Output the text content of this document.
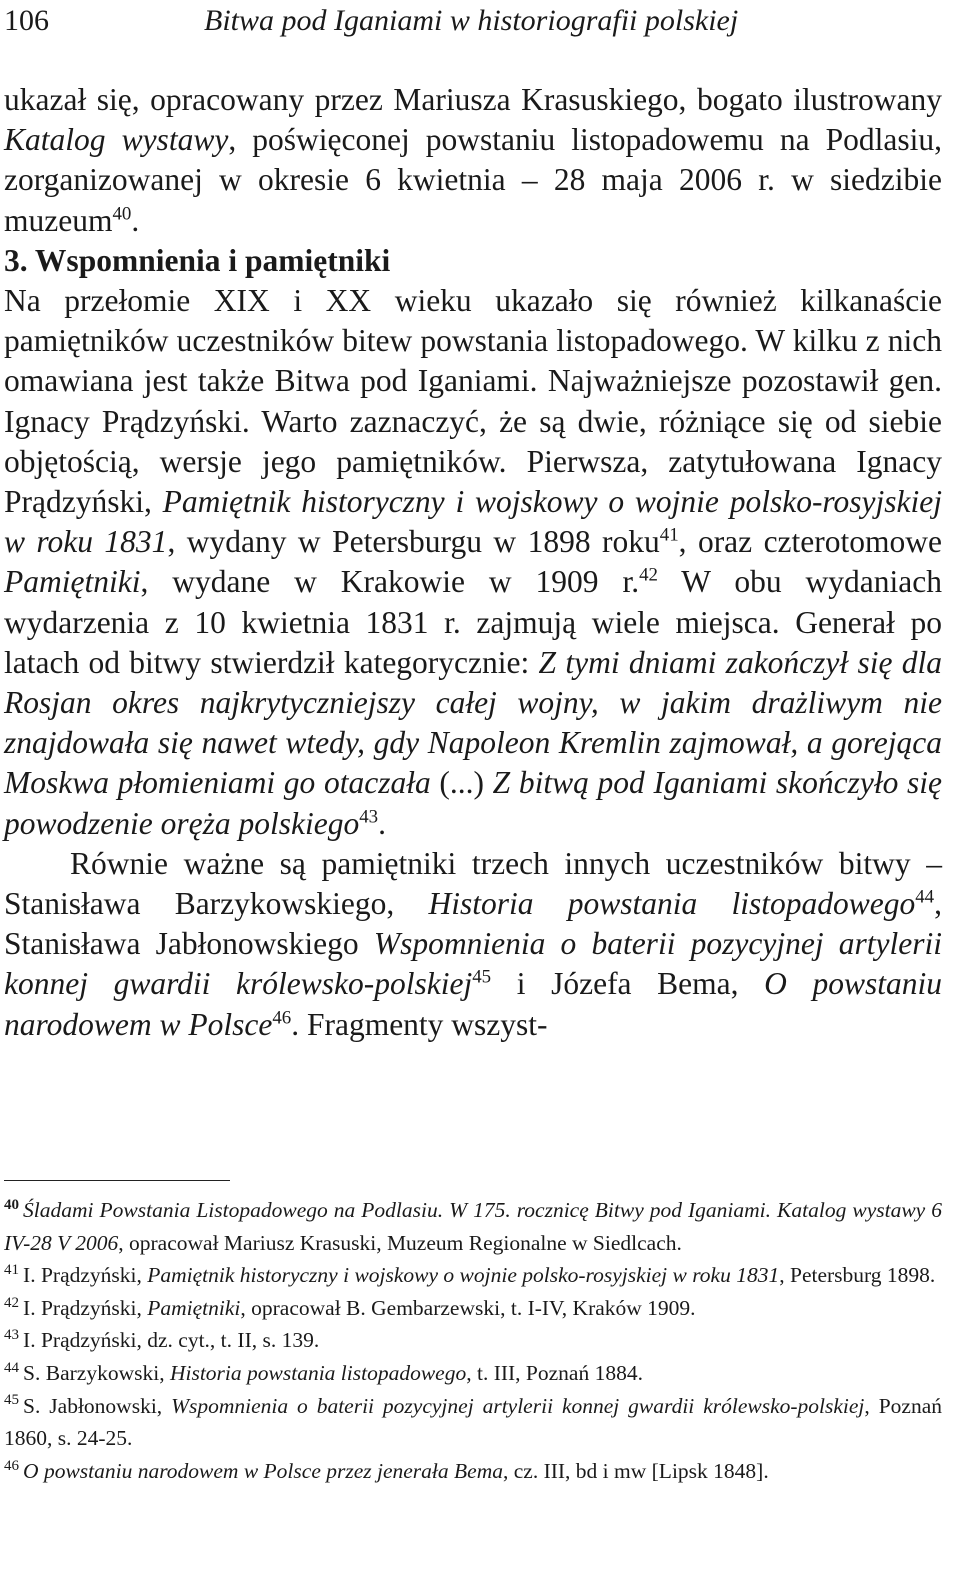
106	Bitwa pod Iganiami w historiografii polskiej

ukazał się, opracowany przez Mariusza Krasuskiego, bogato ilustrowany Katalog wystawy, poświęconej powstaniu listopadowemu na Podlasiu, zorganizowanej w okresie 6 kwietnia – 28 maja 2006 r. w siedzibie muzeum$^{40}$.

3. Wspomnienia i pamiętniki

Na przełomie XIX i XX wieku ukazało się również kilkanaście pamiętników uczestników bitew powstania listopadowego. W kilku z nich omawiana jest także Bitwa pod Iganiami. Najważniejsze pozostawił gen. Ignacy Prądzyński. Warto zaznaczyć, że są dwie, różniące się od siebie objętością, wersje jego pamiętników. Pierwsza, zatytułowana Ignacy Prądzyński, Pamiętnik historyczny i wojskowy o wojnie polsko-rosyjskiej w roku 1831, wydany w Petersburgu w 1898 roku$^{41}$, oraz czterotomowe Pamiętniki, wydane w Krakowie w 1909 r.$^{42}$ W obu wydaniach wydarzenia z 10 kwietnia 1831 r. zajmują wiele miejsca. Generał po latach od bitwy stwierdził kategorycznie: Z tymi dniami zakończył się dla Rosjan okres najkrytyczniejszy całej wojny, w jakim drażliwym nie znajdowała się nawet wtedy, gdy Napoleon Kremlin zajmował, a gorejąca Moskwa płomieniami go otaczała (...) Z bitwą pod Iganiami skończyło się powodzenie oręża polskiego$^{43}$.

Równie ważne są pamiętniki trzech innych uczestników bitwy – Stanisława Barzykowskiego, Historia powstania listopadowego$^{44}$, Stanisława Jabłonowskiego Wspomnienia o baterii pozycyjnej artylerii konnej gwardii królewsko-polskiej$^{45}$ i Józefa Bema, O powstaniu narodowem w Polsce$^{46}$. Fragmenty wszyst-

$^{40}$ Śladami Powstania Listopadowego na Podlasiu. W 175. rocznicę Bitwy pod Iganiami. Katalog wystawy 6 IV-28 V 2006, opracował Mariusz Krasuski, Muzeum Regionalne w Siedlcach.

$^{41}$ I. Prądzyński, Pamiętnik historyczny i wojskowy o wojnie polsko-rosyjskiej w roku 1831, Petersburg 1898.

$^{42}$ I. Prądzyński, Pamiętniki, opracował B. Gembarzewski, t. I-IV, Kraków 1909.

$^{43}$ I. Prądzyński, dz. cyt., t. II, s. 139.

$^{44}$ S. Barzykowski, Historia powstania listopadowego, t. III, Poznań 1884.

$^{45}$ S. Jabłonowski, Wspomnienia o baterii pozycyjnej artylerii konnej gwardii królewsko-polskiej, Poznań 1860, s. 24-25.

$^{46}$ O powstaniu narodowem w Polsce przez jenerała Bema, cz. III, bd i mw [Lipsk 1848].
